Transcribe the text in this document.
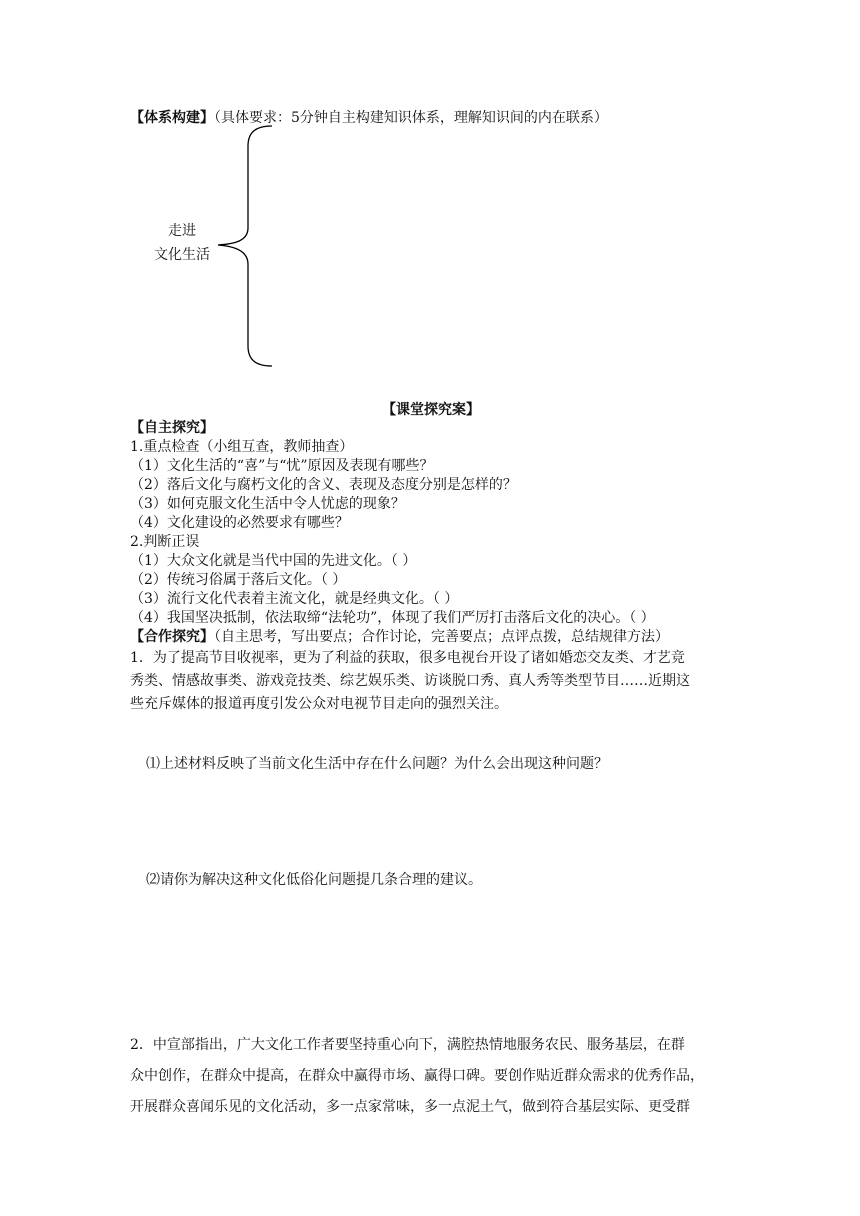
【体系构建】（具体要求：5分钟自主构建知识体系，理解知识间的内在联系）
走进
文化生活
【课堂探究案】
【自主探究】
1.重点检查（小组互查，教师抽查）
（1）文化生活的“喜”与“忧”原因及表现有哪些？
（2）落后文化与腐朽文化的含义、表现及态度分别是怎样的？
（3）如何克服文化生活中令人忧虑的现象？
（4）文化建设的必然要求有哪些？
2.判断正误
（1）大众文化就是当代中国的先进文化。（ ）
（2）传统习俗属于落后文化。（ ）
（3）流行文化代表着主流文化，就是经典文化。（ ）
（4）我国坚决抵制，依法取缔“法轮功”，体现了我们严厉打击落后文化的决心。（ ）
【合作探究】（自主思考，写出要点；合作讨论，完善要点；点评点拨，总结规律方法）
1．为了提高节目收视率，更为了利益的获取，很多电视台开设了诸如婚恋交友类、才艺竞
秀类、情感故事类、游戏竞技类、综艺娱乐类、访谈脱口秀、真人秀等类型节目……近期这
些充斥媒体的报道再度引发公众对电视节目走向的强烈关注。
⑴上述材料反映了当前文化生活中存在什么问题？为什么会出现这种问题？
⑵请你为解决这种文化低俗化问题提几条合理的建议。
2．中宣部指出，广大文化工作者要坚持重心向下，满腔热情地服务农民、服务基层，在群
众中创作，在群众中提高，在群众中赢得市场、赢得口碑。要创作贴近群众需求的优秀作品，
开展群众喜闻乐见的文化活动，多一点家常味，多一点泥土气，做到符合基层实际、更受群
